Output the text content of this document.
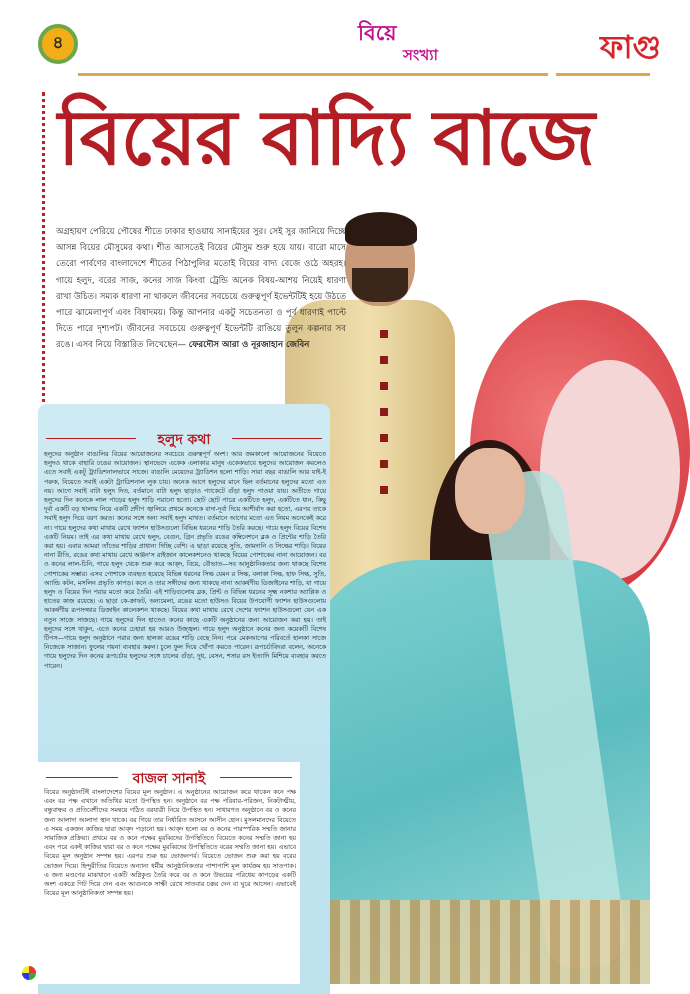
৪	বিয়ে
সংখ্যা	ফাগু
বিয়ের বাদ্যি বাজে
অগ্রহায়ণ পেরিয়ে পৌষের শীতে ঢাকার হাওয়ায় সানাইয়ের সুর। সেই সুর জানিয়ে দিচ্ছে আসন্ন বিয়ের মৌসুমের কথা। শীত আসতেই বিয়ের মৌসুম শুরু হয়ে যায়। বারো মাসে তেরো পার্বণের বাংলাদেশে শীতের পিঠাপুলির মতোই বিয়ের বাদ্য বেজে ওঠে অহরহ। গায়ে হলুদ, বরের সাজ, কনের সাজ কিংবা ট্রেন্ডি অনেক বিষয়-আশয় নিয়েই ধারণা রাখা উচিত। সম্যক ধারণা না থাকলে জীবনের সবচেয়ে গুরুত্বপূর্ণ ইভেন্টটিই হয়ে উঠতে পারে ঝামেলাপূর্ণ এবং বিষাদময়। কিন্তু আপনার একটু সচেতনতা ও পূর্ব ধারণাই পাল্টে দিতে পারে দৃশ্যপট। জীবনের সবচেয়ে গুরুত্বপূর্ণ ইভেন্টটি রাঙিয়ে তুলুন কল্পনার সব রঙে। এসব নিয়ে বিস্তারিত লিখেছেন— ফেরদৌস আরা ও নূরজাহান জেবিন
হলুদ কথা
হলুদের অনুষ্ঠান বাঙালির বিয়ের আয়োজনের সবচেয়ে গুরুত্বপূর্ণ অংশ। আর জমকালো আয়োজনের বিয়েতে হলুদও থাকে বাহারি ঢঙের আয়োজন। স্থানভেদে একেক এলাকার মানুষ একেকভাবে হলুদের আয়োজন করলেও এতে সবাই একটু ট্র্যাডিশনালভাবে সাজে। বাঙালি মেয়েদের ট্র্যাডিশন হলো শাড়ি। সারা বছর বাঙালি আর যাই-ই পরুক, বিয়েতে সবাই একটা ট্র্যাডিশনাল লুক চায়। অনেক আগে হলুদের মানে ছিল বর্তমানের হলুদের মতো এত নয়। আগে সবাই বাটা হলুদ দিত, বর্তমানে বাটা হলুদ ছাড়াও প্যাকেটে গুঁড়া হলুদ পাওয়া যায়। অতীতে গায়ে হলুদের দিন কনেকে লাল পাড়ের হলুদ শাড়ি পরানো হতো। ছোট ছোট পাত্রে একটিতে হলুদ, একটিতে ধান, কিছু দূর্বা একটি বড় থালায় নিয়ে একটি প্রদীপ জ্বালিয়ে প্রথমে কনেকে বাদা-দূর্বা দিয়ে আশীর্বাদ করা হতো, এরপর তাকে সবাই হলুদ দিয়ে বরণ করত। কনের সঙ্গে অন্য সবাই হলুদ মাখত। বর্তমানে আগের মতো এত নিয়ম অনেকেই করে না। গায়ে হলুদের কথা মাথায় রেখে ফ্যাশন হাউসগুলো বিভিন্ন ধরনের শাড়ি তৈরি করছে। গায়ে হলুদ বিয়ের বিশেষ একটি নিয়ম। তাই এর কথা মাথায় রেখে হলুদ, বেগুন, গ্রিন প্রভৃতি রঙের কম্বিনেশনে ব্লক ও প্রিন্টের শাড়ি তৈরি করা হয়। এবার আমরা তাঁতের শাড়ির প্রাধান্য দিচ্ছি বেশি। এ ছাড়া রয়েছে সুতি, জামদানি ও সিল্কের শাড়ি। বিয়ের নানা রীতি, রঙের কথা মাথায় রেখে অঞ্জন'স রাইজান কালেকশনেও থাকছে বিয়ের পোশাকের নানা আয়োজন। বর ও কনের লাল-চিনি, গায়ে হলুদ থেকে শুরু করে আক্দ, বিয়ে, বৌভাত—সব আনুষ্ঠানিকতার জন্য থাকছে বিশেষ পোশাকের সম্ভার। এসব পোশাকে ব্যবহৃত হয়েছে বিভিন্ন ধরনের সিল্ক যেমন র সিল্ক, বলাকা সিল্ক, হাফ সিল্ক, সুতি, অ্যান্ডি কটন, মসলিন প্রভৃতি কাপড়। কনে ও তার সঙ্গীদের জন্য থাকছে নানা আকর্ষণীয় ডিজাইনের শাড়ি, যা গায়ে হলুদ ও বিয়ের দিন পরার মতো করে তৈরি। এই শাড়িগুলোয় ব্লক, প্রিন্ট ও বিভিন্ন ধরনের সূক্ষ্ম নকশার অ্যাপ্লিক ও হাতের কাজ রয়েছে। এ ছাড়া কে-ক্রাফট, অন্যমেলা, রঙের মতো হাউসও বিয়ের উপযোগী ফ্যাশন হাউসগুলোয় আকর্ষণীয় রূপসজ্জার ডিজাইন কালেকশন থাকছে। বিয়ের কথা মাথায় রেখে দেশের ফ্যাশন হাউসগুলো যেন এক নতুন সাজে সাজছে। গায়ে হলুদের দিন হাতেও কনের কাছে একটি অনুষ্ঠানের জন্য আয়োজন করা হয়। তাই হলুদের সঙ্গে থাকুন, এতে কনের চেহারা হয় আরও উজ্জ্বল। গায়ে হলুদ অনুষ্ঠানে কনের জন্য কয়েকটি বিশেষ টিপস—গায়ে হলুদ অনুষ্ঠানে পরার জন্য হালকা রঙের শাড়ি বেছে নিন। পরে মেকআপের পরিবর্তে হালকা সাজে নিজেকে সাজান। ফুলের গয়না ব্যবহার করুন। চুলে ফুল দিয়ে খোঁপা করতে পারেন। রূপচর্চাবিদরা বলেন, অনেকে গায়ে হলুদের দিন কনের রূপচর্চায় হলুদের সঙ্গে চালের গুঁড়া, দুধ, বেসন, শসার রস ইত্যাদি মিশিয়ে ব্যবহার করতে পারেন।
বাজল সানাই
বিয়ের অনুষ্ঠানটিই বাংলাদেশের বিয়ের মূল অনুষ্ঠান। এ অনুষ্ঠানের আয়োজন করে থাকেন কনে পক্ষ এবং বর পক্ষ এখানে অতিথির মতো উপস্থিত হন। অনুষ্ঠানে বর পক্ষ পরিবার-পরিজন, নিকটাত্মীয়, বন্ধুবান্ধব ও প্রতিবেশীদের সমন্বয়ে গঠিত বরযাত্রী নিয়ে উপস্থিত হন। সাধারণত অনুষ্ঠানে বর ও কনের জন্য আলাদা আলাদা স্থান থাকে। বর গিয়ে তার নির্ধারিত আসনে আসীন হোন। মুসলমানদের বিয়েতে এ সময় একজন কাজির দ্বারা আক্দ পড়ানো হয়। আক্দ হলো বর ও কনের পারস্পরিক সম্মতি জানার সামাজিক প্রক্রিয়া। প্রথমে বর ও কনে পক্ষের মুরব্বিদের উপস্থিতিতে বিয়েতে কনের সম্মতি জানা হয় এবং পরে একই কাজির দ্বারা বর ও কনে পক্ষের মুরব্বিদের উপস্থিতিতে বরের সম্মতি জানা হয়। এভাবে বিয়ের মূল অনুষ্ঠান সম্পন্ন হয়। এরপর শুরু হয় ভোজনপর্ব। বিয়েতে ভোজন শুরু করা হয় বরের ভোজন দিয়ে। হিন্দুরীতির বিয়েতে অন্যান্য ধর্মীয় আনুষ্ঠানিকতার পাশাপাশি মূল কার্যক্রম হয় সাতপাক। এ জন্য মণ্ডপের মাঝখানে একটি অগ্নিকুণ্ড তৈরি করে বর ও কনে উভয়ের পরিধেয় কাপড়ের একটি অংশ একত্রে গিট দিয়ে দেন এবং আগুনকে সাক্ষী রেখে সাতবার চক্কর দেন বা ঘুরে আসেন। এভাবেই বিয়ের মূল আনুষ্ঠানিকতা সম্পন্ন হয়।
